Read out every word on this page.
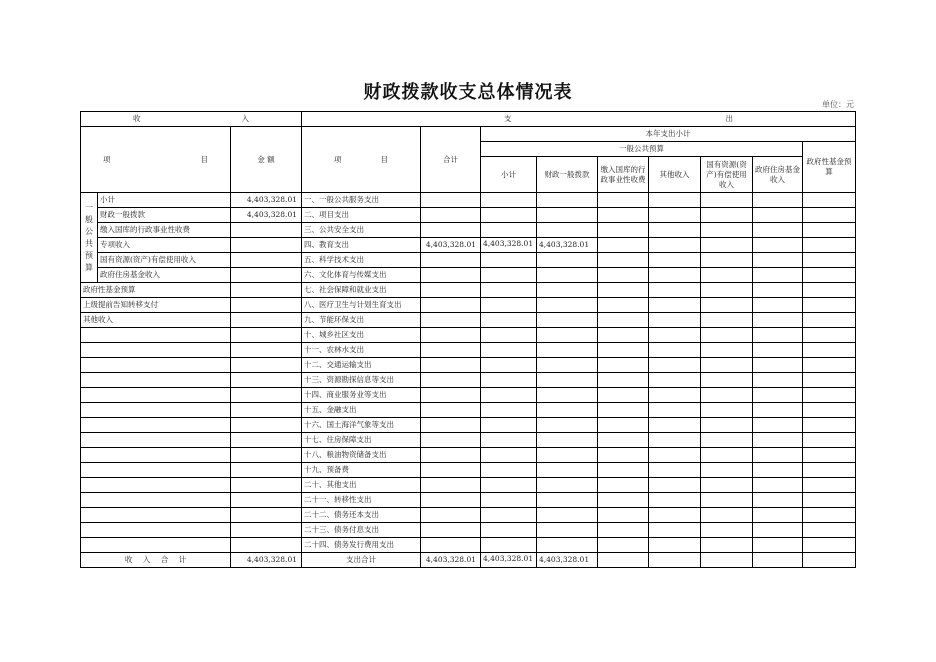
财政拨款收支总体情况表
单位：元
收 入			支 出								

项 目		金 额	项 目	合计	本年支出小计						
					一般公共预算						政府性基金预算
					小计	财政一般拨款	缴入国库的行政事业性收费	其他收入	国有资源(资产)有偿使用收入	政府住房基金收入	
一般公共预算	小计	4,403,328.01	一、一般公共服务支出								
	财政一般拨款	4,403,328.01	二、项目支出								
	缴入国库的行政事业性收费		三、公共安全支出								
	专项收入		四、教育支出	4,403,328.01	4,403,328.01	4,403,328.01					
	国有资源(资产)有偿使用收入		五、科学技术支出								
	政府住房基金收入		六、文化体育与传媒支出								
政府性基金预算			七、社会保障和就业支出								
上级提前告知转移支付			八、医疗卫生与计划生育支出								
其他收入			九、节能环保支出								
			十、城乡社区支出								
			十一、农林水支出								
			十二、交通运输支出								
			十三、资源勘探信息等支出								
			十四、商业服务业等支出								
			十五、金融支出								
			十六、国土海洋气象等支出								
			十七、住房保障支出								
			十八、粮油物资储备支出								
			十九、预备费								
			二十、其他支出								
			二十一、转移性支出								
			二十二、债务还本支出								
			二十三、债务付息支出								
			二十四、债务发行费用支出								
收 入 合 计		4,403,328.01	支出合计	4,403,328.01	4,403,328.01	4,403,328.01					
